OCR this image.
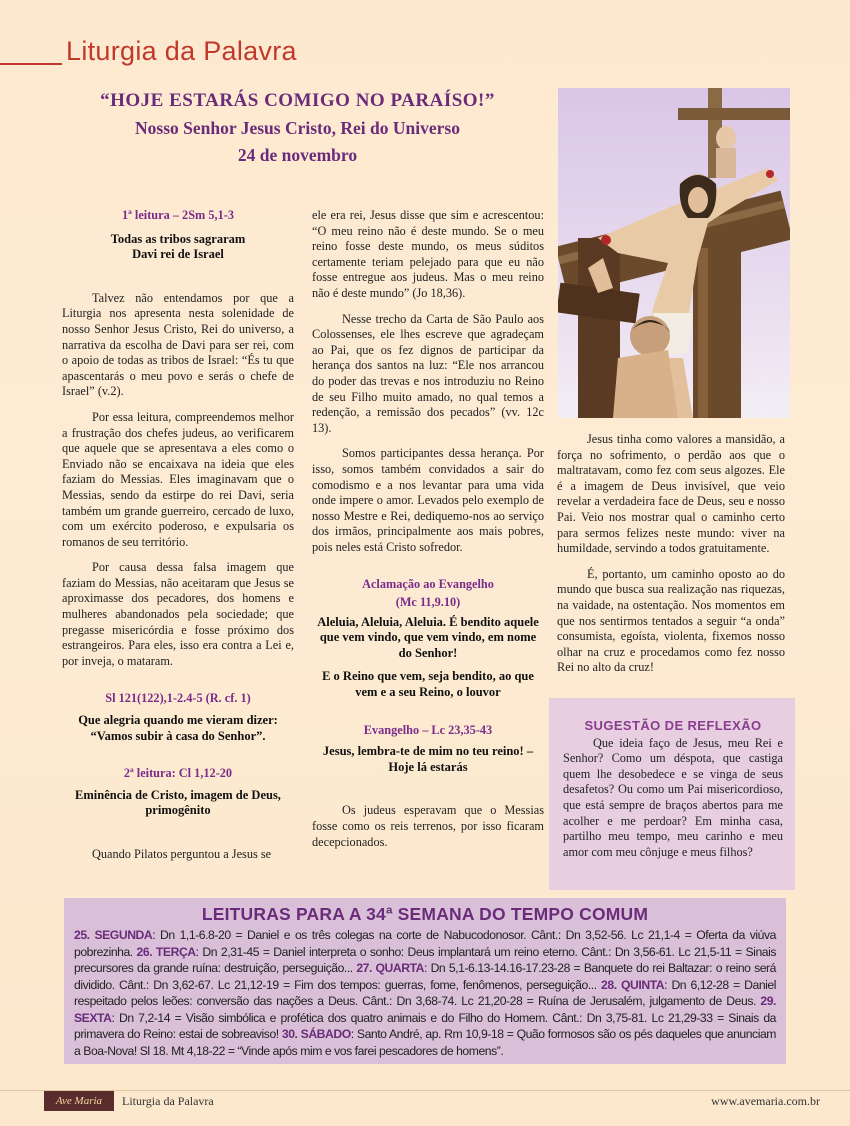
Liturgia da Palavra
“HOJE ESTARÁS COMIGO NO PARAÍSO!”
Nosso Senhor Jesus Cristo, Rei do Universo
24 de novembro
1ª leitura – 2Sm 5,1-3
Todas as tribos sagraram Davi rei de Israel

Talvez não entendamos por que a Liturgia nos apresenta nesta solenidade de nosso Senhor Jesus Cristo, Rei do universo, a narrativa da escolha de Davi para ser rei, com o apoio de todas as tribos de Israel: “És tu que apascentarás o meu povo e serás o chefe de Israel” (v.2).

Por essa leitura, compreendemos melhor a frustração dos chefes judeus, ao verificarem que aquele que se apresentava a eles como o Enviado não se encaixava na ideia que eles faziam do Messias. Eles imaginavam que o Messias, sendo da estirpe do rei Davi, seria também um grande guerreiro, cercado de luxo, com um exército poderoso, e expulsaria os romanos de seu território.

Por causa dessa falsa imagem que faziam do Messias, não aceitaram que Jesus se aproximasse dos pecadores, dos homens e mulheres abandonados pela sociedade; que pregasse misericórdia e fosse próximo dos estrangeiros. Para eles, isso era contra a Lei e, por inveja, o mataram.

Sl 121(122),1-2.4-5 (R. cf. 1)
Que alegria quando me vieram dizer: “Vamos subir à casa do Senhor”.
2ª leitura: Cl 1,12-20
Eminência de Cristo, imagem de Deus, primogênito

Quando Pilatos perguntou a Jesus se

ele era rei, Jesus disse que sim e acrescentou: “O meu reino não é deste mundo. Se o meu reino fosse deste mundo, os meus súditos certamente teriam pelejado para que eu não fosse entregue aos judeus. Mas o meu reino não é deste mundo” (Jo 18,36).

Nesse trecho da Carta de São Paulo aos Colossenses, ele lhes escreve que agradeçam ao Pai, que os fez dignos de participar da herança dos santos na luz: “Ele nos arrancou do poder das trevas e nos introduziu no Reino de seu Filho muito amado, no qual temos a redenção, a remissão dos pecados” (vv. 12c 13).

Somos participantes dessa herança. Por isso, somos também convidados a sair do comodismo e a nos levantar para uma vida onde impere o amor. Levados pelo exemplo de nosso Mestre e Rei, dediquemo-nos ao serviço dos irmãos, principalmente aos mais pobres, pois neles está Cristo sofredor.

Aclamação ao Evangelho
(Mc 11,9.10)
Aleluia, Aleluia, Aleluia. É bendito aquele que vem vindo, que vem vindo, em nome do Senhor!
E o Reino que vem, seja bendito, ao que vem e a seu Reino, o louvor
Evangelho – Lc 23,35-43
Jesus, lembra-te de mim no teu reino! – Hoje lá estarás

Os judeus esperavam que o Messias fosse como os reis terrenos, por isso ficaram decepcionados.

Jesus tinha como valores a mansidão, a força no sofrimento, o perdão aos que o maltratavam, como fez com seus algozes. Ele é a imagem de Deus invisível, que veio revelar a verdadeira face de Deus, seu e nosso Pai. Veio nos mostrar qual o caminho certo para sermos felizes neste mundo: viver na humildade, servindo a todos gratuitamente.

É, portanto, um caminho oposto ao do mundo que busca sua realização nas riquezas, na vaidade, na ostentação. Nos momentos em que nos sentirmos tentados a seguir “a onda” consumista, egoísta, violenta, fixemos nosso olhar na cruz e procedamos como fez nosso Rei no alto da cruz!

SUGESTÃO DE REFLEXÃO

Que ideia faço de Jesus, meu Rei e Senhor? Como um déspota, que castiga quem lhe desobedece e se vinga de seus desafetos? Ou como um Pai misericordioso, que está sempre de braços abertos para me acolher e me perdoar? Em minha casa, partilho meu tempo, meu carinho e meu amor com meu cônjuge e meus filhos?

LEITURAS PARA A 34ª SEMANA DO TEMPO COMUM
25. SEGUNDA: Dn 1,1-6.8-20 = Daniel e os três colegas na corte de Nabucodonosor. Cânt.: Dn 3,52-56. Lc 21,1-4 = Oferta da viúva pobrezinha. 26. TERÇA: Dn 2,31-45 = Daniel interpreta o sonho: Deus implantará um reino eterno. Cânt.: Dn 3,56-61. Lc 21,5-11 = Sinais precursores da grande ruína: destruição, perseguição... 27. QUARTA: Dn 5,1-6.13-14.16-17.23-28 = Banquete do rei Baltazar: o reino será dividido. Cânt.: Dn 3,62-67. Lc 21,12-19 = Fim dos tempos: guerras, fome, fenômenos, perseguição... 28. QUINTA: Dn 6,12-28 = Daniel respeitado pelos leões: conversão das nações a Deus. Cânt.: Dn 3,68-74. Lc 21,20-28 = Ruína de Jerusalém, julgamento de Deus. 29. SEXTA: Dn 7,2-14 = Visão simbólica e profética dos quatro animais e do Filho do Homem. Cânt.: Dn 3,75-81. Lc 21,29-33 = Sinais da primavera do Reino: estai de sobreaviso! 30. SÁBADO: Santo André, ap. Rm 10,9-18 = Quão formosos são os pés daqueles que anunciam a Boa-Nova! Sl 18. Mt 4,18-22 = “Vinde após mim e vos farei pescadores de homens”.
Ave Maria	Liturgia da Palavra	www.avemaria.com.br
